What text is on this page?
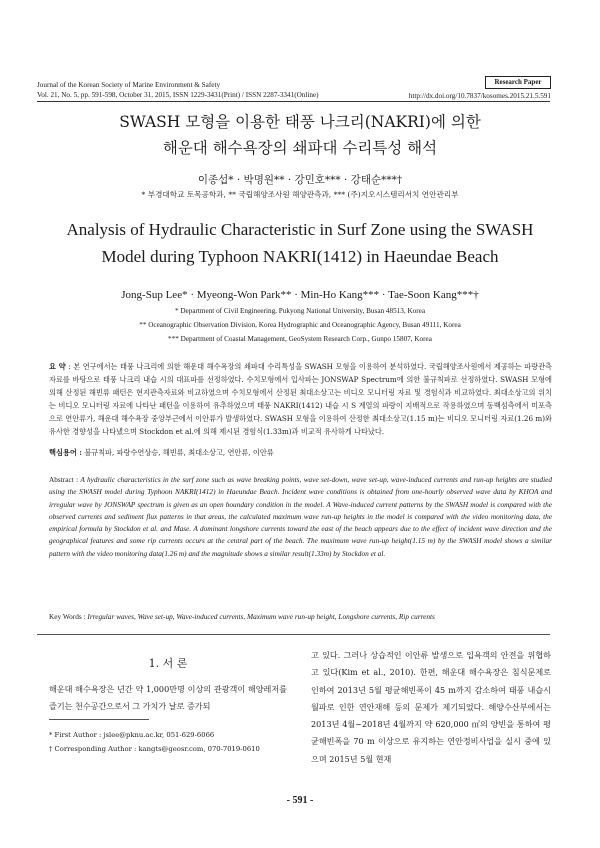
Journal of the Korean Society of Marine Environment & Safety
Vol. 21, No. 5, pp. 591-598, October 31, 2015, ISSN 1229-3431(Print) / ISSN 2287-3341(Online)
Research Paper
http://dx.doi.org/10.7837/kosomes.2015.21.5.591
SWASH 모형을 이용한 태풍 나크리(NAKRI)에 의한
해운대 해수욕장의 쇄파대 수리특성 해석
이종섭* · 박명원** · 강민호*** · 강태순***†
* 부경대학교 토목공학과, ** 국립해양조사원 해양관측과, *** (주)지오시스템리서치 연안관리부
Analysis of Hydraulic Characteristic in Surf Zone using the SWASH
Model during Typhoon NAKRI(1412) in Haeundae Beach
Jong-Sup Lee* · Myeong-Won Park** · Min-Ho Kang*** · Tae-Soon Kang***†
* Department of Civil Engineering, Pukyong National University, Busan 48513, Korea
** Oceanographic Observation Division, Korea Hydrographic and Oceanographic Agency, Busan 49111, Korea
*** Department of Coastal Management, GeoSystem Research Corp., Gunpo 15807, Korea
요 약 : 본 연구에서는 태풍 나크리에 의한 해운대 해수욕장의 쇄파대 수리특성을 SWASH 모형을 이용하여 분석하였다. 국립해양조사원에서 제공하는 파랑관측자료를 바탕으로 태풍 나크리 내습 시의 대표파를 선정하였다. 수치모형에서 입사파는 JONSWAP Spectrum에 의한 불규칙파로 선정하였다. SWASH 모형에 의해 산정된 해빈류 패턴은 현지관측자료와 비교하였으며 수치모형에서 산정된 최대소상고는 비디오 모니터링 자료 및 경험식과 비교하였다. 최대소상고의 위치는 비디오 모니터링 자료에 나타난 패턴을 이용하여 유추하였으며 태풍 NAKRI(1412) 내습 시 S 계열의 파랑이 지배적으로 작용하였으며 동백섬측에서 미포측으로 연안류가, 해운대 해수욕장 중앙부근에서 이안류가 발생하였다. SWASH 모형을 이용하여 산정한 최대소상고(1.15 m)는 비디오 모니터링 자료(1.26 m)와 유사한 경향성을 나타냈으며 Stockdon et al.에 의해 제시된 경험식(1.33m)과 비교적 유사하게 나타났다.
핵심용어 : 불규칙파, 파랑수연상승, 해빈류, 최대소상고, 연안류, 이안류
Abstract : A hydraulic characteristics in the surf zone such as wave breaking points, wave set-down, wave set-up, wave-induced currents and run-up heights are studied using the SWASH model during Typhoon NAKRI(1412) in Haeundae Beach. Incident wave conditions is obtained from one-hourly observed wave data by KHOA and irregular wave by JONSWAP spectrum is given as an open boundary condition in the model. A Wave-induced current patterns by the SWASH model is compared with the observed currents and sediment flux patterns in that areas, the calculated maximum wave run-up heights in the model is compared with the video monitoring data, the empirical formula by Stockdon et al. and Mase. A dominant longshore currents toward the east of the beach appears due to the effect of incident wave direction and the geographical features and some rip currents occurs at the central part of the beach. The maximum wave run-up height(1.15 m) by the SWASH model shows a similar pattern with the video monitoring data(1.26 m) and the magnitude shows a similar result(1.33m) by Stockdon et al.
Key Words : Irregular waves, Wave set-up, Wave-induced currents, Maximum wave run-up height, Longshore currents, Rip currents
1. 서 론
해운대 해수욕장은 년간 약 1,000만명 이상의 관광객이 해양레저를 즐기는 천수공간으로서 그 가치가 날로 증가되
고 있다. 그러나 상습적인 이안류 발생으로 입욕객의 안전을 위협하고 있다(Kim et al., 2010). 한편, 해운대 해수욕장은 침식문제로 인하여 2013년 5월 평균해빈폭이 45 m까지 감소하여 태풍 내습시 월파로 인한 연안재해 등의 문제가 제기되었다. 해양수산부에서는 2013년 4월∼2018년 4월까지 약 620,000 ㎥의 양빈을 통하여 평균해빈폭을 70 m 이상으로 유지하는 연안정비사업을 실시 중에 있으며 2015년 5월 현재
* First Author : jslee@pknu.ac.kr, 051-629-6066
† Corresponding Author : kangts@geosr.com, 070-7019-0610
- 591 -
